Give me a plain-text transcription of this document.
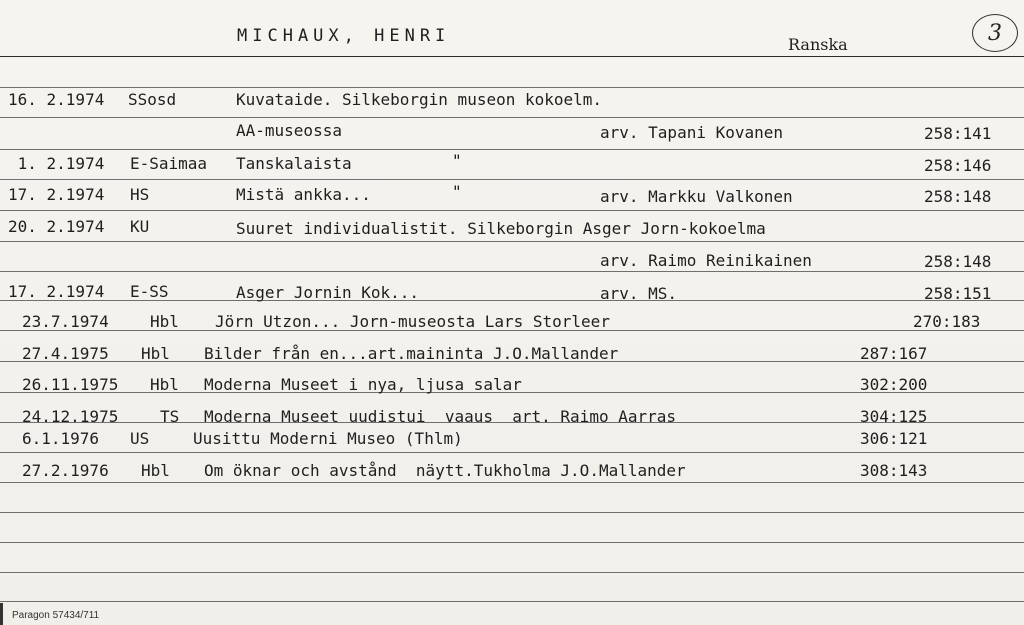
MICHAUX, HENRI	Ranska	3
16. 2.1974 SSosd	Kuvataide. Silkeborgin museon kokoelm.
AA-museossa	arv. Tapani Kovanen	258:141
1. 2.1974 E-Saimaa Tanskalaista	"	258:146
17. 2.1974 HS	Mistä ankka...	"	arv. Markku Valkonen	258:148
20. 2.1974 KU	Suuret individualistit. Silkeborgin Asger Jorn-kokoelma
arv. Raimo Reinikainen	258:148
17. 2.1974 E-SS	Asger Jornin Kok...	arv. MS.	258:151
23.7.1974	Hbl Jörn Utzon... Jorn-museosta Lars Storleer	270:183
27.4.1975 Hbl Bilder från en...art.maininta J.O.Mallander	287:167
26.11.1975 Hbl Moderna Museet i nya, ljusa salar	302:200
24.12.1975	TS Moderna Museet uudistui  vaaus  art. Raimo Aarras	304:125
6.1.1976 US	Uusittu Moderni Museo (Thlm)	306:121
27.2.1976 Hbl Om öknar och avstånd  näytt.Tukholma J.O.Mallander	308:143
Paragon 57434/711
